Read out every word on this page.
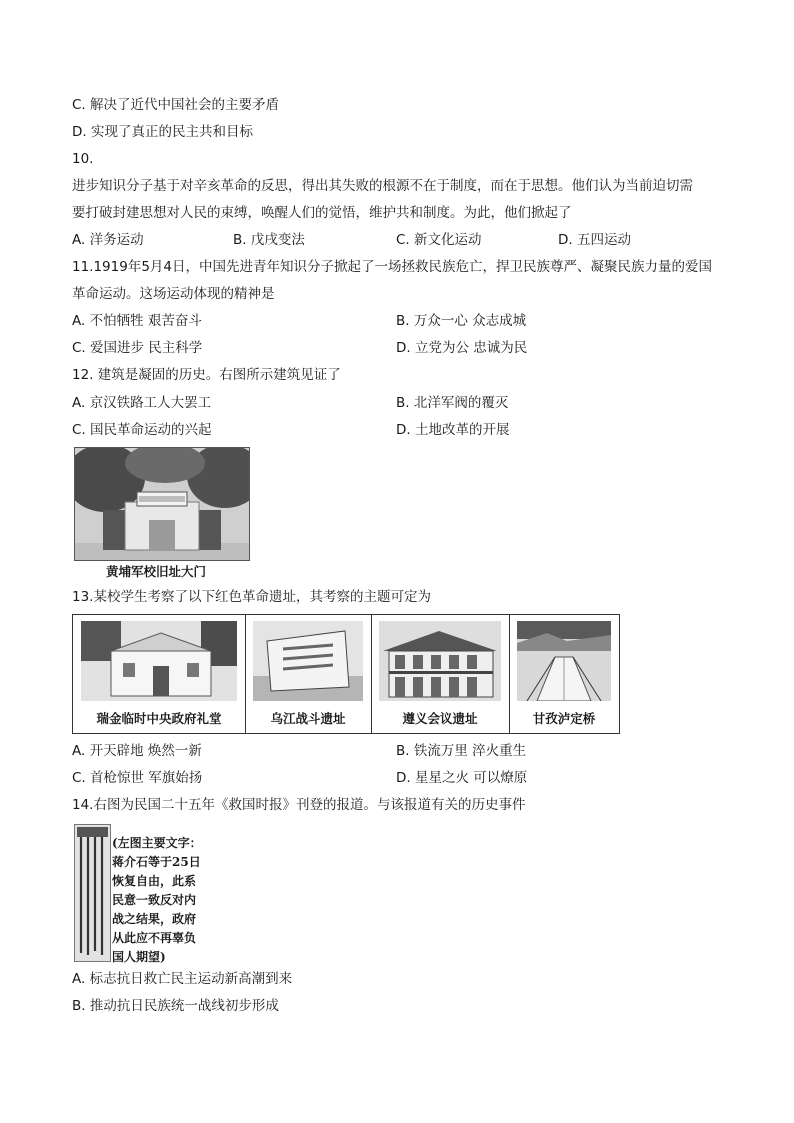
C. 解决了近代中国社会的主要矛盾
D. 实现了真正的民主共和目标
10.
进步知识分子基于对辛亥革命的反思，得出其失败的根源不在于制度，而在于思想。他们认为当前迫切需
要打破封建思想对人民的束缚，唤醒人们的觉悟，维护共和制度。为此，他们掀起了
A. 洋务运动	B. 戊戌变法	C. 新文化运动	D. 五四运动
11.1919年5月4日，中国先进青年知识分子掀起了一场拯救民族危亡，捍卫民族尊严、凝聚民族力量的爱国
革命运动。这场运动体现的精神是
A. 不怕牺牲 艰苦奋斗	B. 万众一心 众志成城
C. 爱国进步 民主科学	D. 立党为公 忠诚为民
12. 建筑是凝固的历史。右图所示建筑见证了
A. 京汉铁路工人大罢工	B. 北洋军阀的覆灭
C. 国民革命运动的兴起	D. 土地改革的开展
黄埔军校旧址大门
13.某校学生考察了以下红色革命遗址，其考察的主题可定为
瑞金临时中央政府礼堂	乌江战斗遗址	遵义会议遗址	甘孜泸定桥
A. 开天辟地 焕然一新	B. 铁流万里 淬火重生
C. 首枪惊世 军旗始扬	D. 星星之火 可以燎原
14.右图为民国二十五年《救国时报》刊登的报道。与该报道有关的历史事件
(左图主要文字：
蒋介石等于25日
恢复自由，此系
民意一致反对内
战之结果，政府
从此应不再辜负
国人期望)
A. 标志抗日救亡民主运动新高潮到来
B. 推动抗日民族统一战线初步形成
